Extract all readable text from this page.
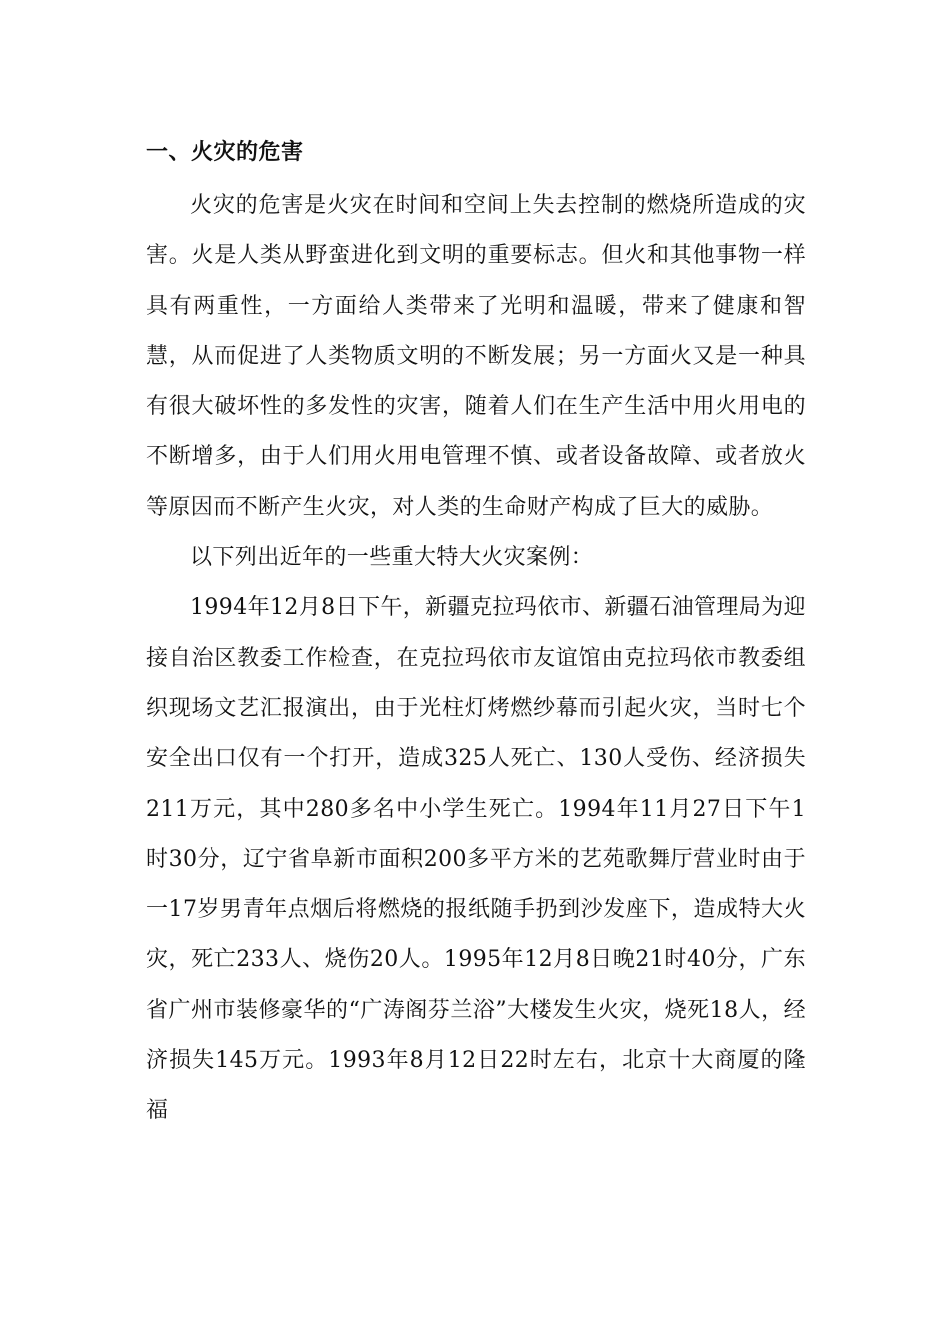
一、火灾的危害

火灾的危害是火灾在时间和空间上失去控制的燃烧所造成的灾害。火是人类从野蛮进化到文明的重要标志。但火和其他事物一样具有两重性，一方面给人类带来了光明和温暖，带来了健康和智慧，从而促进了人类物质文明的不断发展；另一方面火又是一种具有很大破坏性的多发性的灾害，随着人们在生产生活中用火用电的不断增多，由于人们用火用电管理不慎、或者设备故障、或者放火等原因而不断产生火灾，对人类的生命财产构成了巨大的威胁。

以下列出近年的一些重大特大火灾案例：

1994年12月8日下午，新疆克拉玛依市、新疆石油管理局为迎接自治区教委工作检查，在克拉玛依市友谊馆由克拉玛依市教委组织现场文艺汇报演出，由于光柱灯烤燃纱幕而引起火灾，当时七个安全出口仅有一个打开，造成325人死亡、130人受伤、经济损失211万元，其中280多名中小学生死亡。1994年11月27日下午1时30分，辽宁省阜新市面积200多平方米的艺苑歌舞厅营业时由于一17岁男青年点烟后将燃烧的报纸随手扔到沙发座下，造成特大火灾，死亡233人、烧伤20人。1995年12月8日晚21时40分，广东省广州市装修豪华的“广涛阁芬兰浴”大楼发生火灾，烧死18人，经济损失145万元。1993年8月12日22时左右，北京十大商厦的隆福
